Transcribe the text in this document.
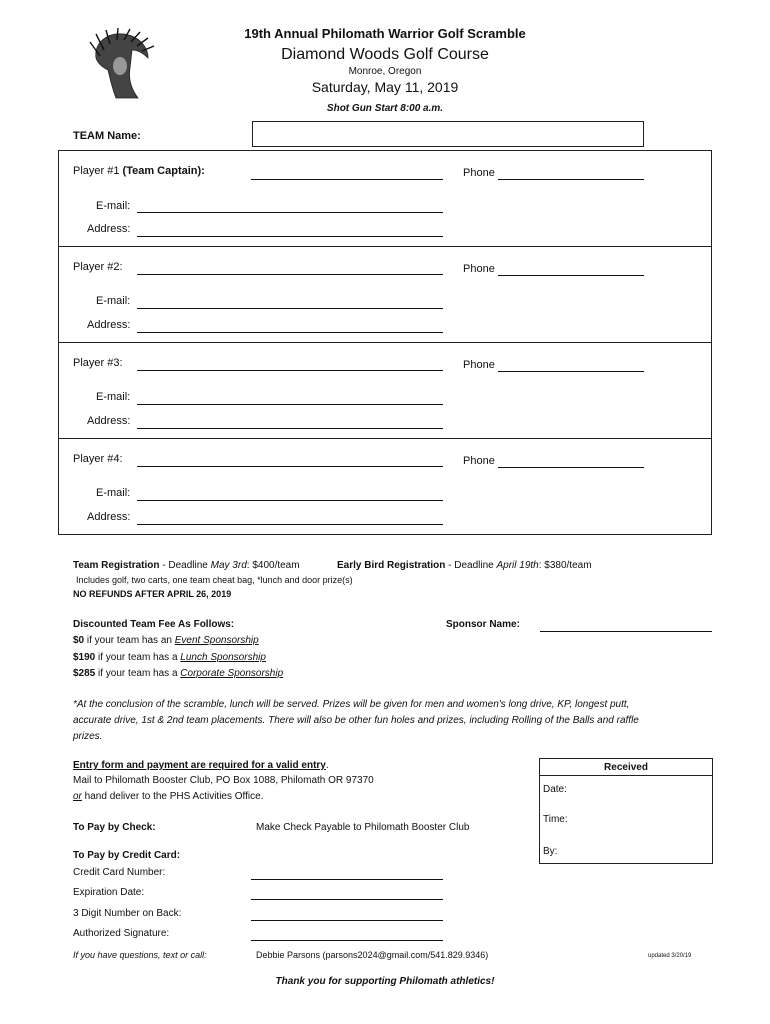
19th Annual Philomath Warrior Golf Scramble
Diamond Woods Golf Course
Monroe, Oregon
Saturday, May 11, 2019
Shot Gun Start 8:00 a.m.
TEAM Name:
Player #1 (Team Captain):	Phone
E-mail:
Address:
Player #2:	Phone
E-mail:
Address:
Player #3:	Phone
E-mail:
Address:
Player #4:	Phone
E-mail:
Address:
Team Registration - Deadline May 3rd: $400/team	Early Bird Registration - Deadline April 19th: $380/team
Includes golf, two carts, one team cheat bag, *lunch and door prize(s)
NO REFUNDS AFTER APRIL 26, 2019
Discounted Team Fee As Follows:
$0 if your team has an Event Sponsorship
$190 if your team has a Lunch Sponsorship
$285 if your team has a Corporate Sponsorship
Sponsor Name:
*At the conclusion of the scramble, lunch will be served. Prizes will be given for men and women's long drive, KP, longest putt, accurate drive, 1st & 2nd team placements. There will also be other fun holes and prizes, including Rolling of the Balls and raffle prizes.
Entry form and payment are required for a valid entry.
Mail to Philomath Booster Club, PO Box 1088, Philomath OR 97370
or hand deliver to the PHS Activities Office.
Received
Date:
Time:
By:
To Pay by Check:	Make Check Payable to Philomath Booster Club
To Pay by Credit Card:
Credit Card Number:
Expiration Date:
3 Digit Number on Back:
Authorized Signature:
If you have questions, text or call:	Debbie Parsons (parsons2024@gmail.com/541.829.9346)	updated 3/20/19
Thank you for supporting Philomath athletics!
